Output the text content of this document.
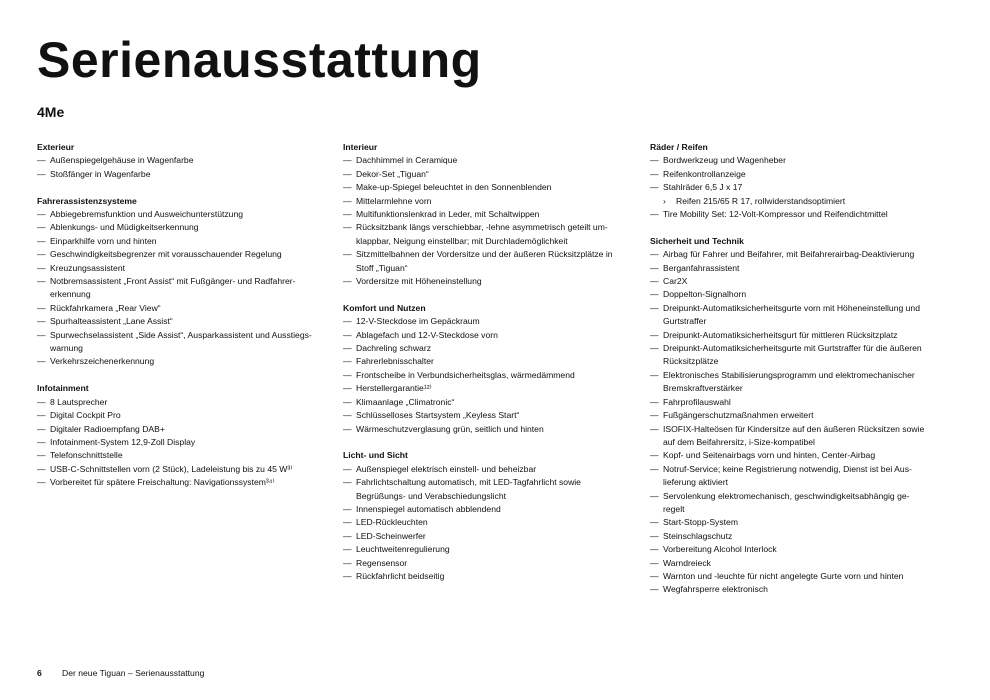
Serienausstattung
4Me
Exterieur
— Außenspiegelgehäuse in Wagenfarbe
— Stoßfänger in Wagenfarbe
Fahrerassistenzsysteme
— Abbiegebremsfunktion und Ausweichunterstützung
— Ablenkungs- und Müdigkeitserkennung
— Einparkhilfe vorn und hinten
— Geschwindigkeitsbegrenzer mit vorausschauender Regelung
— Kreuzungsassistent
— Notbremsassistent „Front Assist“ mit Fußgänger- und Radfahrer-
erkennung
— Rückfahrkamera „Rear View“
— Spurhalteassistent „Lane Assist“
— Spurwechselassistent „Side Assist“, Ausparkassistent und Ausstiegs-
warnung
— Verkehrszeichenerkennung
Infotainment
— 8 Lautsprecher
— Digital Cockpit Pro
— Digitaler Radioempfang DAB+
— Infotainment-System 12,9-Zoll Display
— Telefonschnittstelle
— USB-C-Schnittstellen vorn (2 Stück), Ladeleistung bis zu 45 W³⁾
— Vorbereitet für spätere Freischaltung: Navigationssystem³⁴⁾
Interieur
— Dachhimmel in Ceramique
— Dekor-Set „Tiguan“
— Make-up-Spiegel beleuchtet in den Sonnenblenden
— Mittelarmlehne vorn
— Multifunktionslenkrad in Leder, mit Schaltwippen
— Rücksitzbank längs verschiebbar, -lehne asymmetrisch geteilt um-
klappbar, Neigung einstellbar; mit Durchlademöglichkeit
— Sitzmittelbahnen der Vordersitze und der äußeren Rücksitzplätze in
Stoff „Tiguan“
— Vordersitze mit Höheneinstellung
Komfort und Nutzen
— 12-V-Steckdose im Gepäckraum
— Ablagefach und 12-V-Steckdose vorn
— Dachreling schwarz
— Fahrerlebnisschalter
— Frontscheibe in Verbundsicherheitsglas, wärmedämmend
— Herstellergarantie¹²⁾
— Klimaanlage „Climatronic“
— Schlüsselloses Startsystem „Keyless Start“
— Wärmeschutzverglasung grün, seitlich und hinten
Licht- und Sicht
— Außenspiegel elektrisch einstell- und beheizbar
— Fahrlichtschaltung automatisch, mit LED-Tagfahrlicht sowie
Begrüßungs- und Verabschiedungslicht
— Innenspiegel automatisch abblendend
— LED-Rückleuchten
— LED-Scheinwerfer
— Leuchtweitenregulierung
— Regensensor
— Rückfahrlicht beidseitig
Räder / Reifen
— Bordwerkzeug und Wagenheber
— Reifenkontrollanzeige
— Stahlräder 6,5 J x 17
› Reifen 215/65 R 17, rollwiderstandsoptimiert
— Tire Mobility Set: 12-Volt-Kompressor und Reifendichtmittel
Sicherheit und Technik
— Airbag für Fahrer und Beifahrer, mit Beifahrerairbag-Deaktivierung
— Berganfahrassistent
— Car2X
— Doppelton-Signalhorn
— Dreipunkt-Automatiksicherheitsgurte vorn mit Höheneinstellung und
Gurtstraffer
— Dreipunkt-Automatiksicherheitsgurt für mittleren Rücksitzplatz
— Dreipunkt-Automatiksicherheitsgurte mit Gurtstraffer für die äußeren
Rücksitzplätze
— Elektronisches Stabilisierungsprogramm und elektromechanischer
Bremskraftverstärker
— Fahrprofilauswahl
— Fußgängerschutzmaßnahmen erweitert
— ISOFIX-Halteösen für Kindersitze auf den äußeren Rücksitzen sowie
auf dem Beifahrersitz, i-Size-kompatibel
— Kopf- und Seitenairbags vorn und hinten, Center-Airbag
— Notruf-Service; keine Registrierung notwendig, Dienst ist bei Aus-
lieferung aktiviert
— Servolenkung elektromechanisch, geschwindigkeitsabhängig ge-
regelt
— Start-Stopp-System
— Steinschlagschutz
— Vorbereitung Alcohol Interlock
— Warndreieck
— Warnton und -leuchte für nicht angelegte Gurte vorn und hinten
— Wegfahrsperre elektronisch
6 Der neue Tiguan – Serienausstattung
